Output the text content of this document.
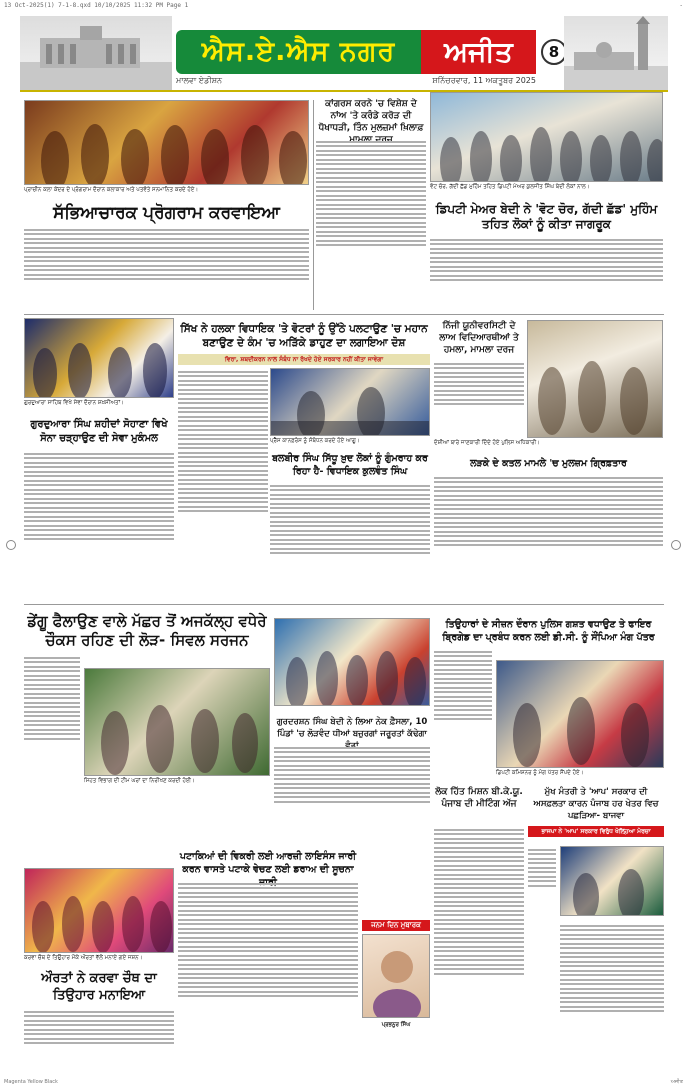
13 Oct-2025(1) 7-1-8.qxd 10/10/2025 11:32 PM Page 1	-
ਐਸ.ਏ.ਐਸ ਨਗਰ	ਅਜੀਤ	8
ਮਾਲਵਾ ਏਡੀਸ਼ਨ	ਸ਼ਨਿੱਚਰਵਾਰ, 11 ਅਕਤੂਬਰ 2025
ਪ੍ਰਾਚੀਨ ਕਲਾ ਕੇਂਦਰ ਦੇ ਪ੍ਰੋਗਰਾਮ ਦੌਰਾਨ ਕਲਾਕਾਰ ਅਤੇ ਪਤਵੰਤੇ ਸਨਮਾਨਿਤ ਕਰਦੇ ਹੋਏ।
ਸੱਭਿਆਚਾਰਕ ਪ੍ਰੋਗਰਾਮ ਕਰਵਾਇਆ
ਕਾਂਗਰਸ ਕਰਨੇ 'ਚ ਵਿਸ਼ੇਸ਼ ਦੇ ਨਾਂਅ 'ਤੇ ਕਰੰਡੇ ਕਰੋੜ ਦੀ ਧੋਖਾਧੜੀ, ਤਿੰਨ ਮੁਲਜ਼ਮਾਂ ਖ਼ਿਲਾਫ਼
ਵੋਟ ਚੋਰ, ਗੱਦੀ ਛੱਡ ਮੁਹਿੰਮ ਤਹਿਤ ਡਿਪਟੀ ਮੇਅਰ ਕੁਲਜੀਤ ਸਿੰਘ ਬੇਦੀ ਲੋਕਾਂ ਨਾਲ।
ਡਿਪਟੀ ਮੇਅਰ ਬੇਦੀ ਨੇ 'ਵੋਟ ਚੋਰ, ਗੱਦੀ ਛੱਡ' ਮੁਹਿੰਮ ਤਹਿਤ ਲੋਕਾਂ ਨੂੰ ਕੀਤਾ ਜਾਗਰੂਕ
ਗੁਰਦੁਆਰਾ ਸਾਹਿਬ ਵਿਖੇ ਸੇਵਾ ਦੌਰਾਨ ਸ਼ਖ਼ਸੀਅਤਾਂ।
ਗੁਰਦੁਆਰਾ ਸਿੰਘ ਸ਼ਹੀਦਾਂ ਸੋਹਾਣਾ ਵਿਖੇ ਸੋਨਾ ਚੜ੍ਹਾਉਣ ਦੀ ਸੇਵਾ ਮੁਕੰਮਲ
ਸਿੱਖ ਨੇ ਹਲਕਾ ਵਿਧਾਇਕ 'ਤੇ ਵੋਟਰਾਂ ਨੂੰ ਉੱਠੇ ਪਲਟਾਉਣ 'ਚ ਮਹਾਨ ਬਣਾਉਣ ਦੇ ਕੰਮ 'ਚ ਅੜਿੱਕੇ ਡਾਹੁਣ ਦਾ ਲਗਾਇਆ ਦੋਸ਼
ਵਿਰਾ, ਸ਼ਬਦੀਕਰਨ ਨਾਲ ਸੰਬੰਧ ਨਾ ਰੱਖਦੇ ਹੋਏ ਸਰਕਾਰ ਨਹੀਂ ਕੀਤਾ ਜਾਵੇਗਾ
ਪ੍ਰੈੱਸ ਕਾਨਫ਼ਰੰਸ ਨੂੰ ਸੰਬੋਧਨ ਕਰਦੇ ਹੋਏ ਆਗੂ।
ਬਲਬੀਰ ਸਿੰਘ ਸਿੱਧੂ ਖ਼ੁਦ ਲੋਕਾਂ ਨੂੰ ਗੁੰਮਰਾਹ ਕਰ ਰਿਹਾ ਹੈ- ਵਿਧਾਇਕ ਕੁਲਵੰਤ ਸਿੰਘ
ਨਿੱਜੀ ਯੂਨੀਵਰਸਿਟੀ ਦੇ ਲਾਅ ਵਿਦਿਆਰਥੀਆਂ ਤੇ ਹਮਲਾ, ਮਾਮਲਾ ਦਰਜ
ਦੋਸ਼ੀਆਂ ਬਾਰੇ ਜਾਣਕਾਰੀ ਦਿੰਦੇ ਹੋਏ ਪੁਲਿਸ ਅਧਿਕਾਰੀ।
ਲੜਕੇ ਦੇ ਕਤਲ ਮਾਮਲੇ 'ਚ ਮੁਲਜ਼ਮ ਗ੍ਰਿਫ਼ਤਾਰ
ਡੇਂਗੂ ਫੈਲਾਉਣ ਵਾਲੇ ਮੱਛਰ ਤੋਂ ਅਜਕੱਲ੍ਹ ਵਧੇਰੇ ਚੌਕਸ ਰਹਿਣ ਦੀ ਲੋੜ- ਸਿਵਲ ਸਰਜਨ
ਸਿਹਤ ਵਿਭਾਗ ਦੀ ਟੀਮ ਘਰਾਂ ਦਾ ਨਿਰੀਖਣ ਕਰਦੀ ਹੋਈ।
ਕਰਵਾ ਚੌਥ ਦੇ ਤਿਉਹਾਰ ਮੌਕੇ ਔਰਤਾਂ ਵੱਲੋਂ ਮਨਾਏ ਗਏ ਜਸ਼ਨ।
ਔਰਤਾਂ ਨੇ ਕਰਵਾ ਚੌਥ ਦਾ ਤਿਉਹਾਰ ਮਨਾਇਆ
ਪਟਾਕਿਆਂ ਦੀ ਵਿਕਰੀ ਲਈ ਆਰਜ਼ੀ ਲਾਇਸੰਸ ਜਾਰੀ ਕਰਨ ਵਾਸਤੇ ਪਟਾਕੇ ਵੇਚਣ ਲਈ ਡਰਾਅ ਦੀ ਸੂਚਨਾ
ਗੁਰਦਰਸ਼ਨ ਸਿੰਘ ਬੇਦੀ ਨੇ ਲਿਆ ਨੇਕ ਫ਼ੈਸਲਾ, 10 ਪਿੰਡਾਂ 'ਚ ਲੋੜਵੰਦ ਧੀਆਂ ਬਜ਼ੁਰਗਾਂ ਜਰੂਰਤਾਂ ਕੱਢੇਗਾ
ਜਨਮ ਦਿਨ ਮੁਬਾਰਕ
ਪ੍ਰਭਨੂਰ ਸਿੰਘ
ਤਿਉਹਾਰਾਂ ਦੇ ਸੀਜ਼ਨ ਦੌਰਾਨ ਪੁਲਿਸ ਗਸ਼ਤ ਵਧਾਉਣ ਤੇ ਫਾਇਰ ਬ੍ਰਿਗੇਡ ਦਾ ਪ੍ਰਬੰਧ ਕਰਨ ਲਈ ਡੀ.ਸੀ. ਨੂੰ ਸੌਂਪਿਆ ਮੰਗ ਪੱਤਰ
ਡਿਪਟੀ ਕਮਿਸ਼ਨਰ ਨੂੰ ਮੰਗ ਪੱਤਰ ਸੌਂਪਦੇ ਹੋਏ।
ਲੋਕ ਹਿੱਤ ਮਿਸ਼ਨ ਬੀ.ਕੇ.ਯੂ. ਪੰਜਾਬ ਦੀ ਮੀਟਿੰਗ ਅੱਜ
ਮੁੱਖ ਮੰਤਰੀ ਤੇ 'ਆਪ' ਸਰਕਾਰ ਦੀ ਅਸਫ਼ਲਤਾ ਕਾਰਨ ਪੰਜਾਬ ਹਰ ਖੇਤਰ ਵਿਚ ਪਛੜਿਆ- ਬਾਜਵਾ
ਭਾਜਪਾ ਨੇ 'ਆਪ' ਸਰਕਾਰ ਵਿਰੁੱਧ ਖੋਲ੍ਹਿਆ ਮੋਰਚਾ
Magenta Yellow Black	ਅਜੀਤ
